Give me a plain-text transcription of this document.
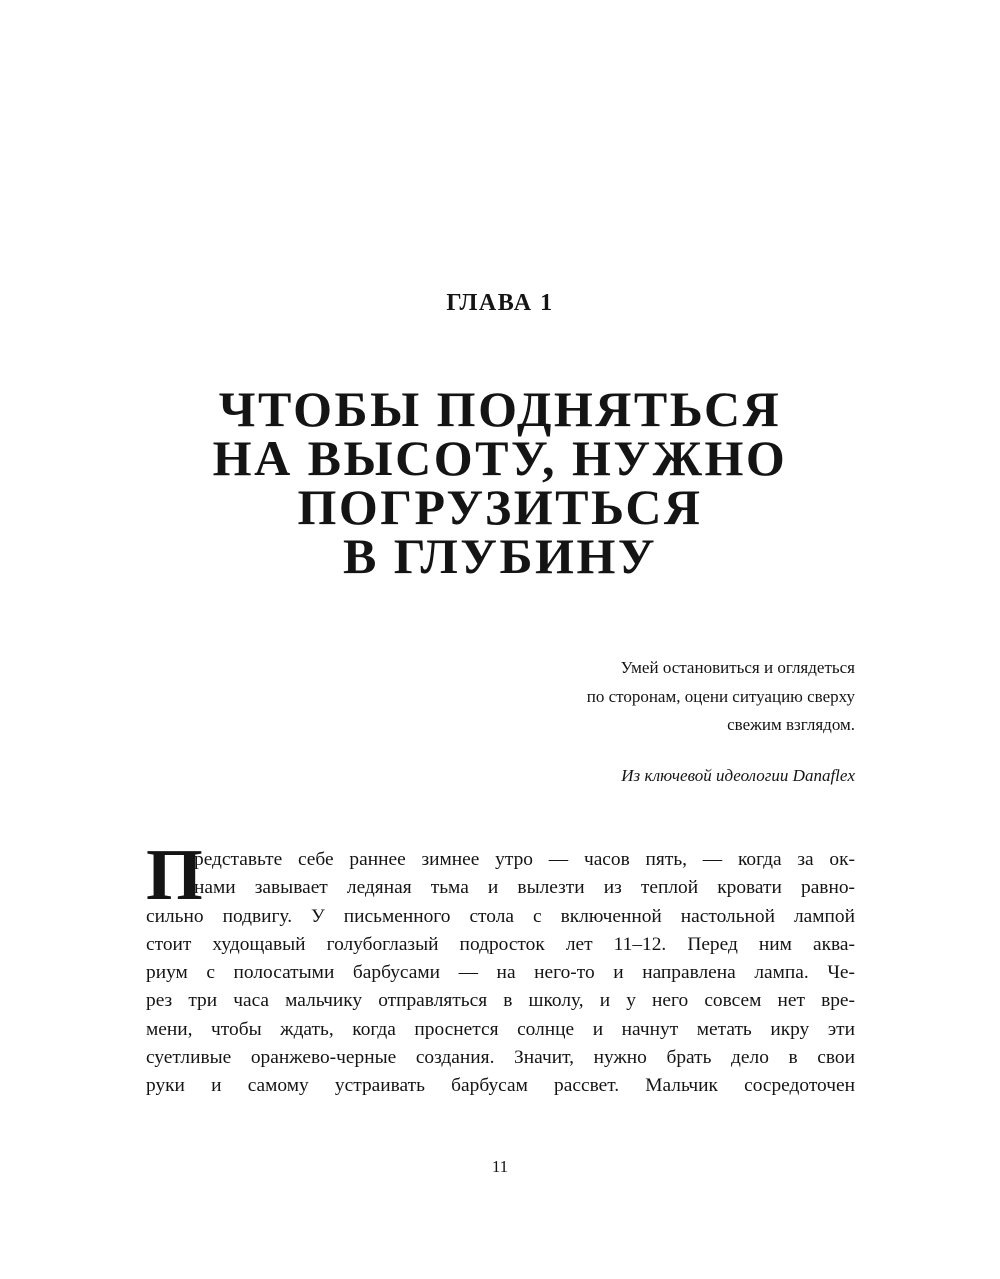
ГЛАВА 1
ЧТОБЫ ПОДНЯТЬСЯ
НА ВЫСОТУ, НУЖНО
ПОГРУЗИТЬСЯ
В ГЛУБИНУ
Умей остановиться и оглядеться
по сторонам, оцени ситуацию сверху
свежим взглядом.
Из ключевой идеологии Danaflex
П
редставьте себе раннее зимнее утро — часов пять, — когда за ок-
нами завывает ледяная тьма и вылезти из теплой кровати равно-
сильно подвигу. У письменного стола с включенной настольной лампой
стоит худощавый голубоглазый подросток лет 11–12. Перед ним аква-
риум с полосатыми барбусами — на него-то и направлена лампа. Че-
рез три часа мальчику отправляться в школу, и у него совсем нет вре-
мени, чтобы ждать, когда проснется солнце и начнут метать икру эти
суетливые оранжево-черные создания. Значит, нужно брать дело в свои
руки и самому устраивать барбусам рассвет. Мальчик сосредоточен
11
